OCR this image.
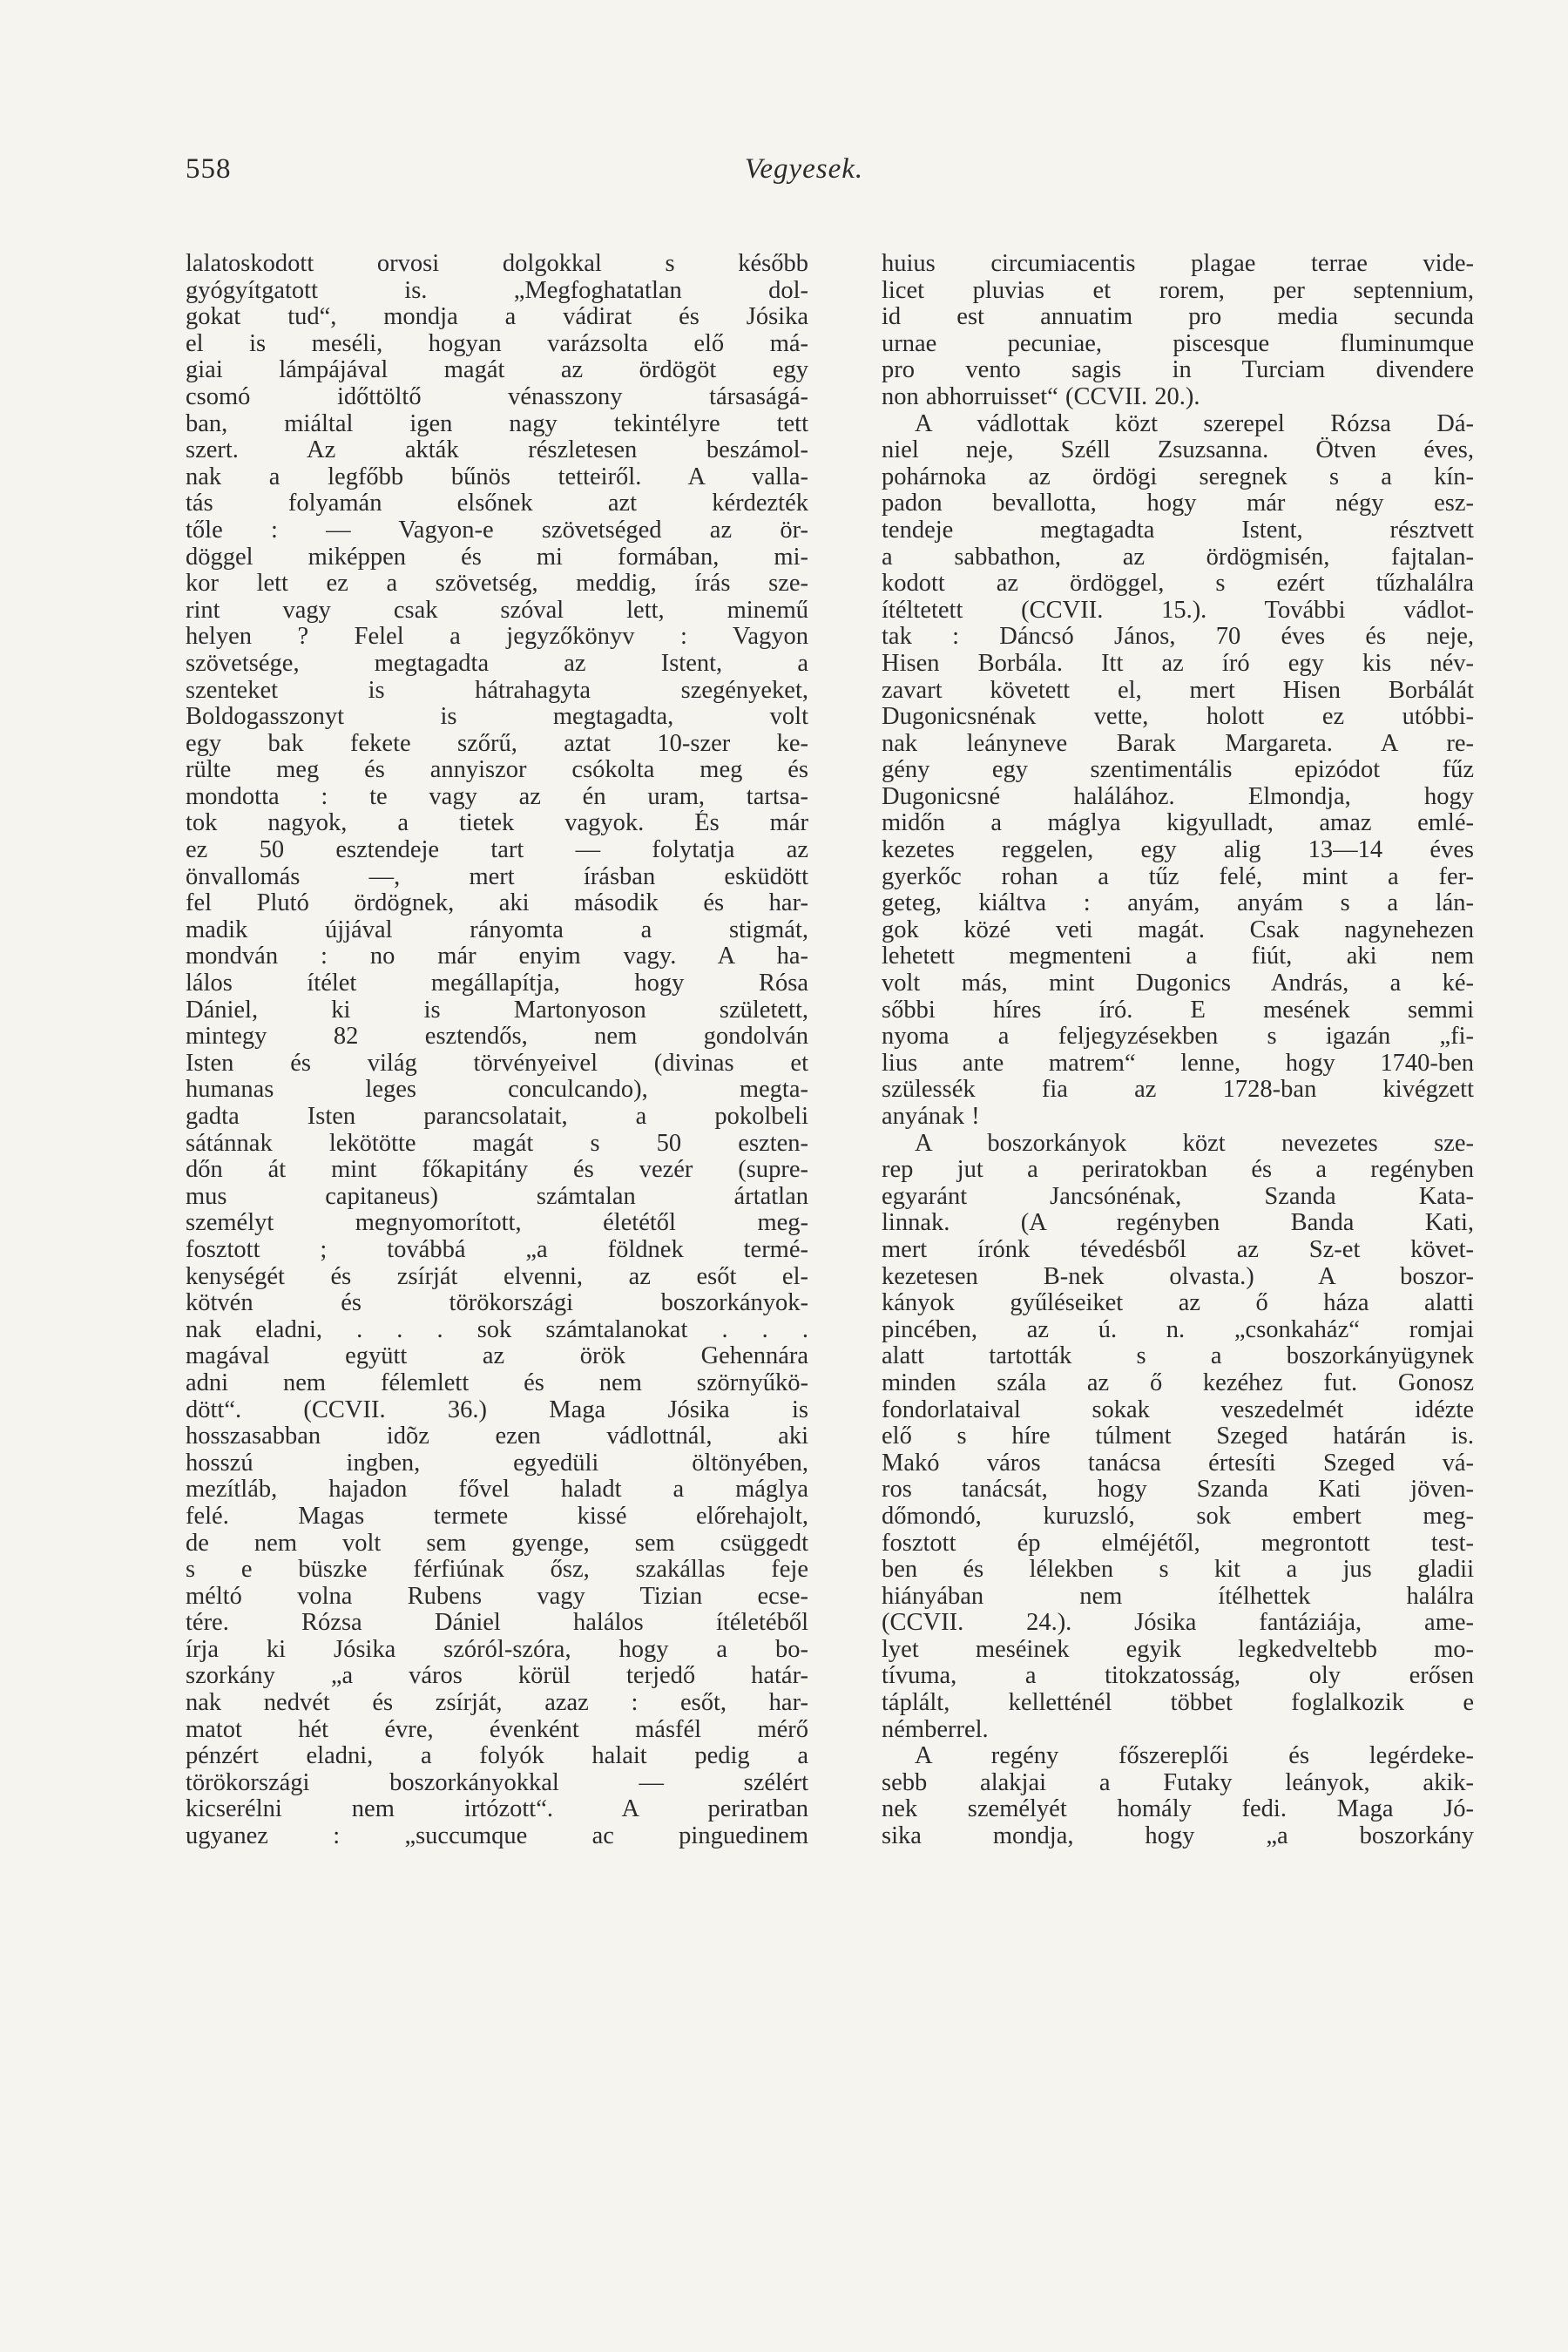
558	Vegyesek.
lalatoskodott orvosi dolgokkal s később
gyógyítgatott is. „Megfoghatatlan dol-
gokat tud“, mondja a vádirat és Jósika
el is meséli, hogyan varázsolta elő má-
giai lámpájával magát az ördögöt egy
csomó időttöltő vénasszony társaságá-
ban, miáltal igen nagy tekintélyre tett
szert. Az akták részletesen beszámol-
nak a legfőbb bűnös tetteiről. A valla-
tás folyamán elsőnek azt kérdezték
tőle : — Vagyon-e szövetséged az ör-
döggel miképpen és mi formában, mi-
kor lett ez a szövetség, meddig, írás sze-
rint vagy csak szóval lett, minemű
helyen ? Felel a jegyzőkönyv : Vagyon
szövetsége, megtagadta az Istent, a
szenteket is hátrahagyta szegényeket,
Boldogasszonyt is megtagadta, volt
egy bak fekete szőrű, aztat 10-szer ke-
rülte meg és annyiszor csókolta meg és
mondotta : te vagy az én uram, tartsa-
tok nagyok, a tietek vagyok. És már
ez 50 esztendeje tart — folytatja az
önvallomás —, mert írásban esküdött
fel Plutó ördögnek, aki második és har-
madik újjával rányomta a stigmát,
mondván : no már enyim vagy. A ha-
lálos ítélet megállapítja, hogy Rósa
Dániel, ki is Martonyoson született,
mintegy 82 esztendős, nem gondolván
Isten és világ törvényeivel (divinas et
humanas leges conculcando), megta-
gadta Isten parancsolatait, a pokolbeli
sátánnak lekötötte magát s 50 eszten-
dőn át mint főkapitány és vezér (supre-
mus capitaneus) számtalan ártatlan
személyt megnyomorított, életétől meg-
fosztott ; továbbá „a földnek termé-
kenységét és zsírját elvenni, az esőt el-
kötvén és törökországi boszorkányok-
nak eladni, . . . sok számtalanokat . . .
magával együtt az örök Gehennára
adni nem félemlett és nem szörnyűkö-
dött“. (CCVII. 36.) Maga Jósika is
hosszasabban idõz ezen vádlottnál, aki
hosszú ingben, egyedüli öltönyében,
mezítláb, hajadon fővel haladt a máglya
felé. Magas termete kissé előrehajolt,
de nem volt sem gyenge, sem csüggedt
s e büszke férfiúnak ősz, szakállas feje
méltó volna Rubens vagy Tizian ecse-
tére. Rózsa Dániel halálos ítéletéből
írja ki Jósika szóról-szóra, hogy a bo-
szorkány „a város körül terjedő határ-
nak nedvét és zsírját, azaz : esőt, har-
matot hét évre, évenként másfél mérő
pénzért eladni, a folyók halait pedig a
törökországi boszorkányokkal — szélért
kicserélni nem irtózott“. A periratban
ugyanez : „succumque ac pinguedinem
huius circumiacentis plagae terrae vide-
licet pluvias et rorem, per septennium,
id est annuatim pro media secunda
urnae pecuniae, piscesque fluminumque
pro vento sagis in Turciam divendere
non abhorruisset“ (CCVII. 20.).
A vádlottak közt szerepel Rózsa Dá-
niel neje, Széll Zsuzsanna. Ötven éves,
pohárnoka az ördögi seregnek s a kín-
padon bevallotta, hogy már négy esz-
tendeje megtagadta Istent, résztvett
a sabbathon, az ördögmisén, fajtalan-
kodott az ördöggel, s ezért tűzhalálra
ítéltetett (CCVII. 15.). További vádlot-
tak : Dáncsó János, 70 éves és neje,
Hisen Borbála. Itt az író egy kis név-
zavart követett el, mert Hisen Borbálát
Dugonicsnénak vette, holott ez utóbbi-
nak leányneve Barak Margareta. A re-
gény egy szentimentális epizódot fűz
Dugonicsné halálához. Elmondja, hogy
midőn a máglya kigyulladt, amaz emlé-
kezetes reggelen, egy alig 13—14 éves
gyerkőc rohan a tűz felé, mint a fer-
geteg, kiáltva : anyám, anyám s a lán-
gok közé veti magát. Csak nagynehezen
lehetett megmenteni a fiút, aki nem
volt más, mint Dugonics András, a ké-
sőbbi híres író. E mesének semmi
nyoma a feljegyzésekben s igazán „fi-
lius ante matrem“ lenne, hogy 1740-ben
szülessék fia az 1728-ban kivégzett
anyának !
A boszorkányok közt nevezetes sze-
rep jut a periratokban és a regényben
egyaránt Jancsónénak, Szanda Kata-
linnak. (A regényben Banda Kati,
mert írónk tévedésből az Sz-et követ-
kezetesen B-nek olvasta.) A boszor-
kányok gyűléseiket az ő háza alatti
pincében, az ú. n. „csonkaház“ romjai
alatt tartották s a boszorkányügynek
minden szála az ő kezéhez fut. Gonosz
fondorlataival sokak veszedelmét idézte
elő s híre túlment Szeged határán is.
Makó város tanácsa értesíti Szeged vá-
ros tanácsát, hogy Szanda Kati jöven-
dőmondó, kuruzsló, sok embert meg-
fosztott ép elméjétől, megrontott test-
ben és lélekben s kit a jus gladii
hiányában nem ítélhettek halálra
(CCVII. 24.). Jósika fantáziája, ame-
lyet meséinek egyik legkedveltebb mo-
tívuma, a titokzatosság, oly erősen
táplált, kelletténél többet foglalkozik e
némberrel.
A regény főszereplői és legérdeke-
sebb alakjai a Futaky leányok, akik-
nek személyét homály fedi. Maga Jó-
sika mondja, hogy „a boszorkány
